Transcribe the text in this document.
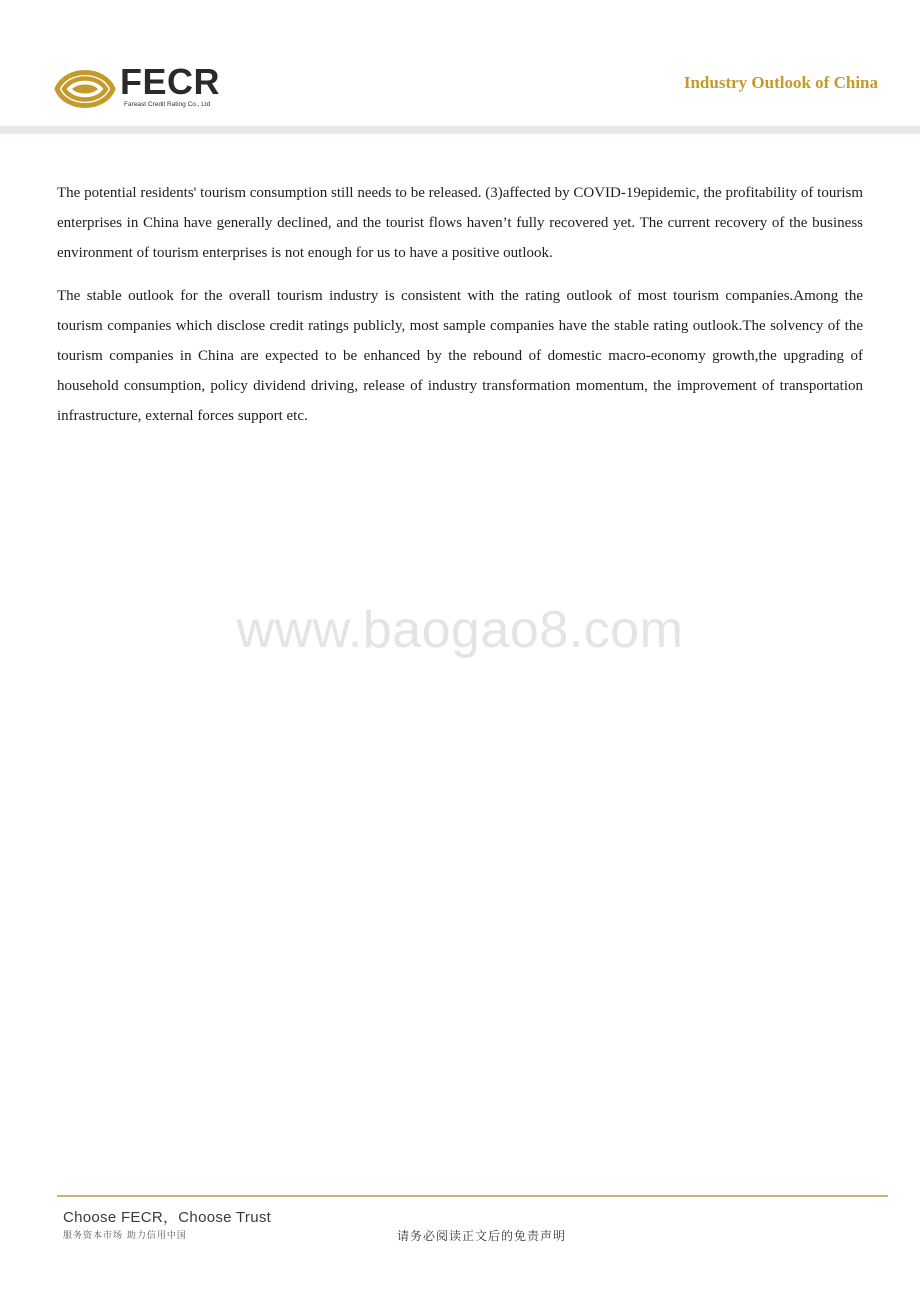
FECR
Fareast Credit Rating Co., Ltd
Industry Outlook of China

The potential residents' tourism consumption still needs to be released. (3)affected by COVID-19epidemic, the profitability of tourism enterprises in China have generally declined, and the tourist flows haven’t fully recovered yet. The current recovery of the business environment of tourism enterprises is not enough for us to have a positive outlook.

The stable outlook for the overall tourism industry is consistent with the rating outlook of most tourism companies.Among the tourism companies which disclose credit ratings publicly, most sample companies have the stable rating outlook.The solvency of the tourism companies in China are expected to be enhanced by the rebound of domestic macro-economy growth,the upgrading of household consumption, policy dividend driving, release of industry transformation momentum, the improvement of transportation infrastructure, external forces support etc.

www.baogao8.com
Choose FECR，Choose Trust
服务资本市场 助力信用中国	请务必阅读正文后的免责声明
